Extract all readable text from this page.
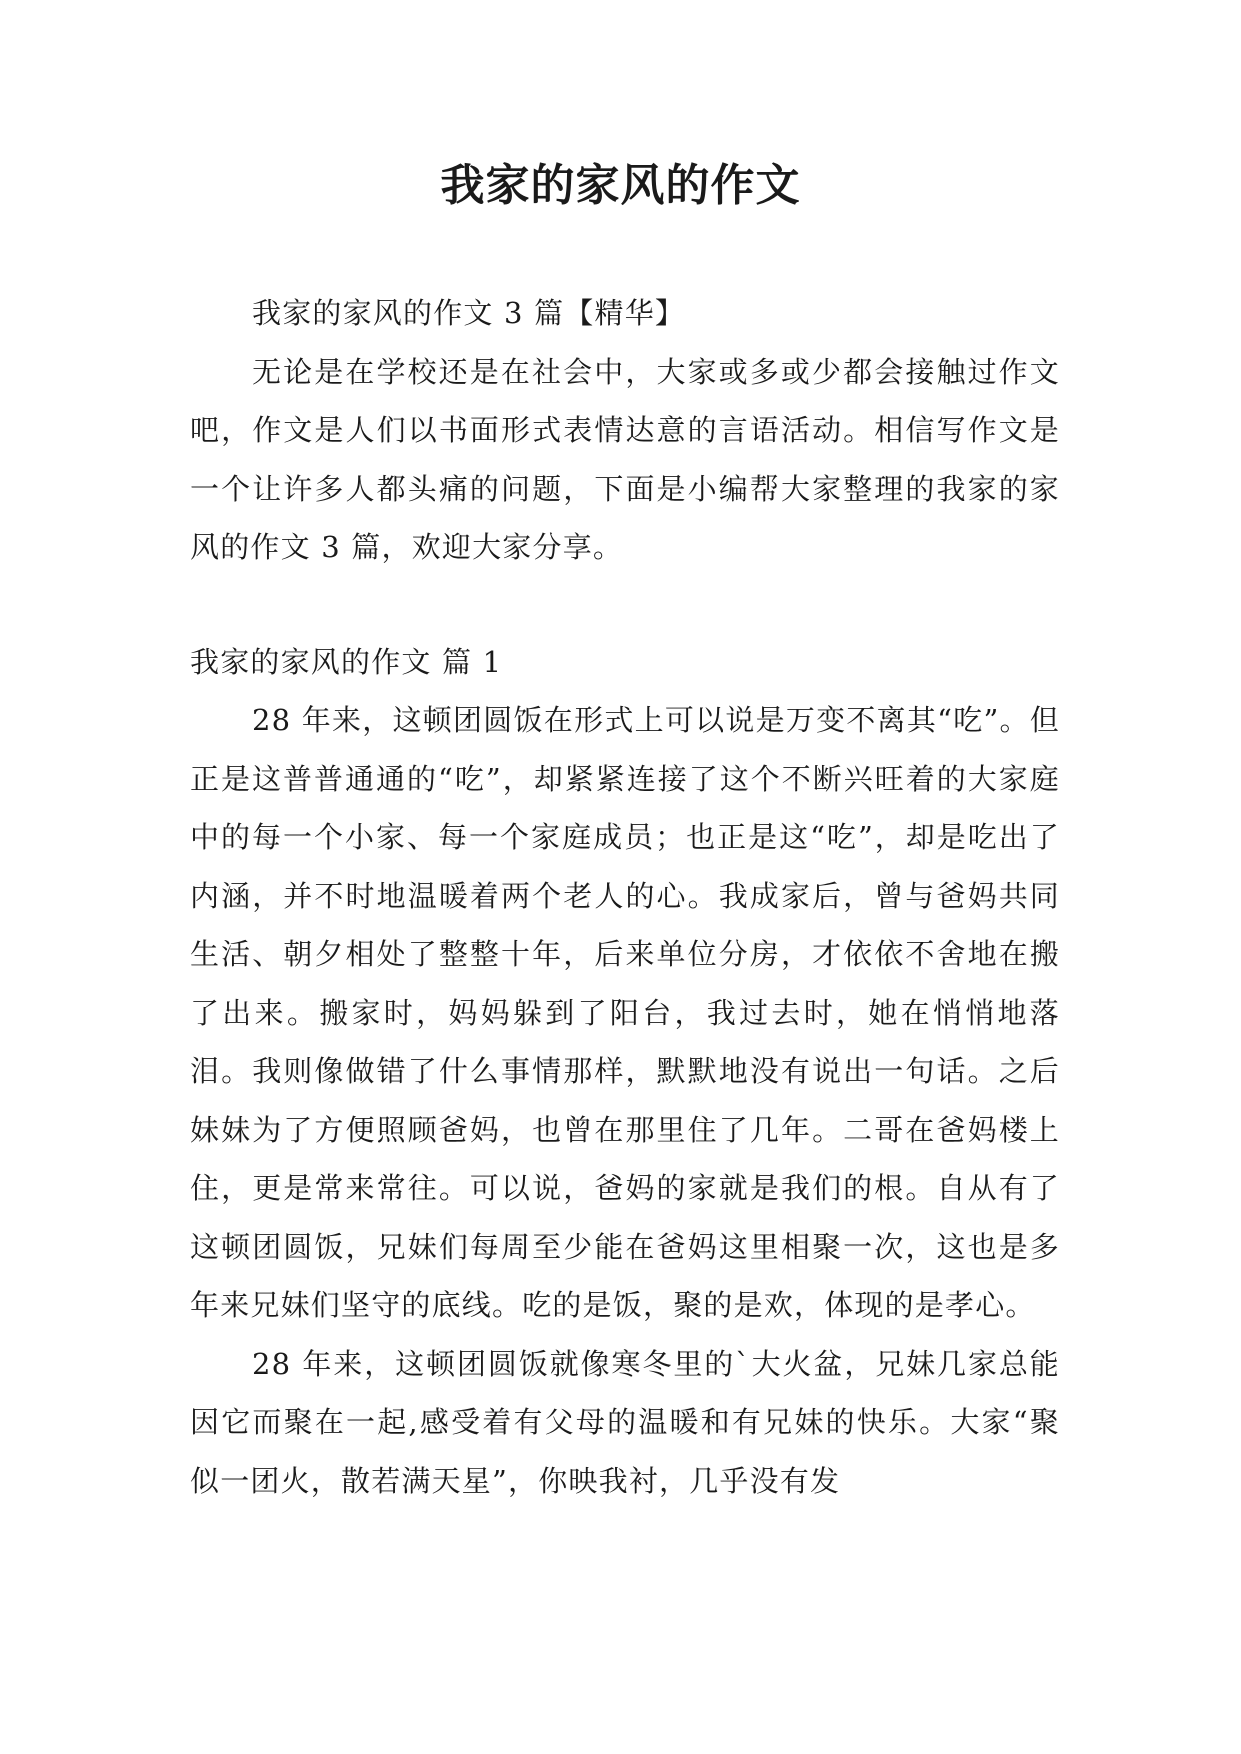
我家的家风的作文

我家的家风的作文 3 篇【精华】

无论是在学校还是在社会中，大家或多或少都会接触过作文吧，作文是人们以书面形式表情达意的言语活动。相信写作文是一个让许多人都头痛的问题，下面是小编帮大家整理的我家的家风的作文 3 篇，欢迎大家分享。

我家的家风的作文 篇 1

28 年来，这顿团圆饭在形式上可以说是万变不离其“吃”。但正是这普普通通的“吃”，却紧紧连接了这个不断兴旺着的大家庭中的每一个小家、每一个家庭成员；也正是这“吃”，却是吃出了内涵，并不时地温暖着两个老人的心。我成家后，曾与爸妈共同生活、朝夕相处了整整十年，后来单位分房，才依依不舍地在搬了出来。搬家时，妈妈躲到了阳台，我过去时，她在悄悄地落泪。我则像做错了什么事情那样，默默地没有说出一句话。之后妹妹为了方便照顾爸妈，也曾在那里住了几年。二哥在爸妈楼上住，更是常来常往。可以说，爸妈的家就是我们的根。自从有了这顿团圆饭，兄妹们每周至少能在爸妈这里相聚一次，这也是多年来兄妹们坚守的底线。吃的是饭，聚的是欢，体现的是孝心。

28 年来，这顿团圆饭就像寒冬里的`大火盆，兄妹几家总能因它而聚在一起,感受着有父母的温暖和有兄妹的快乐。大家“聚似一团火，散若满天星”，你映我衬，几乎没有发
